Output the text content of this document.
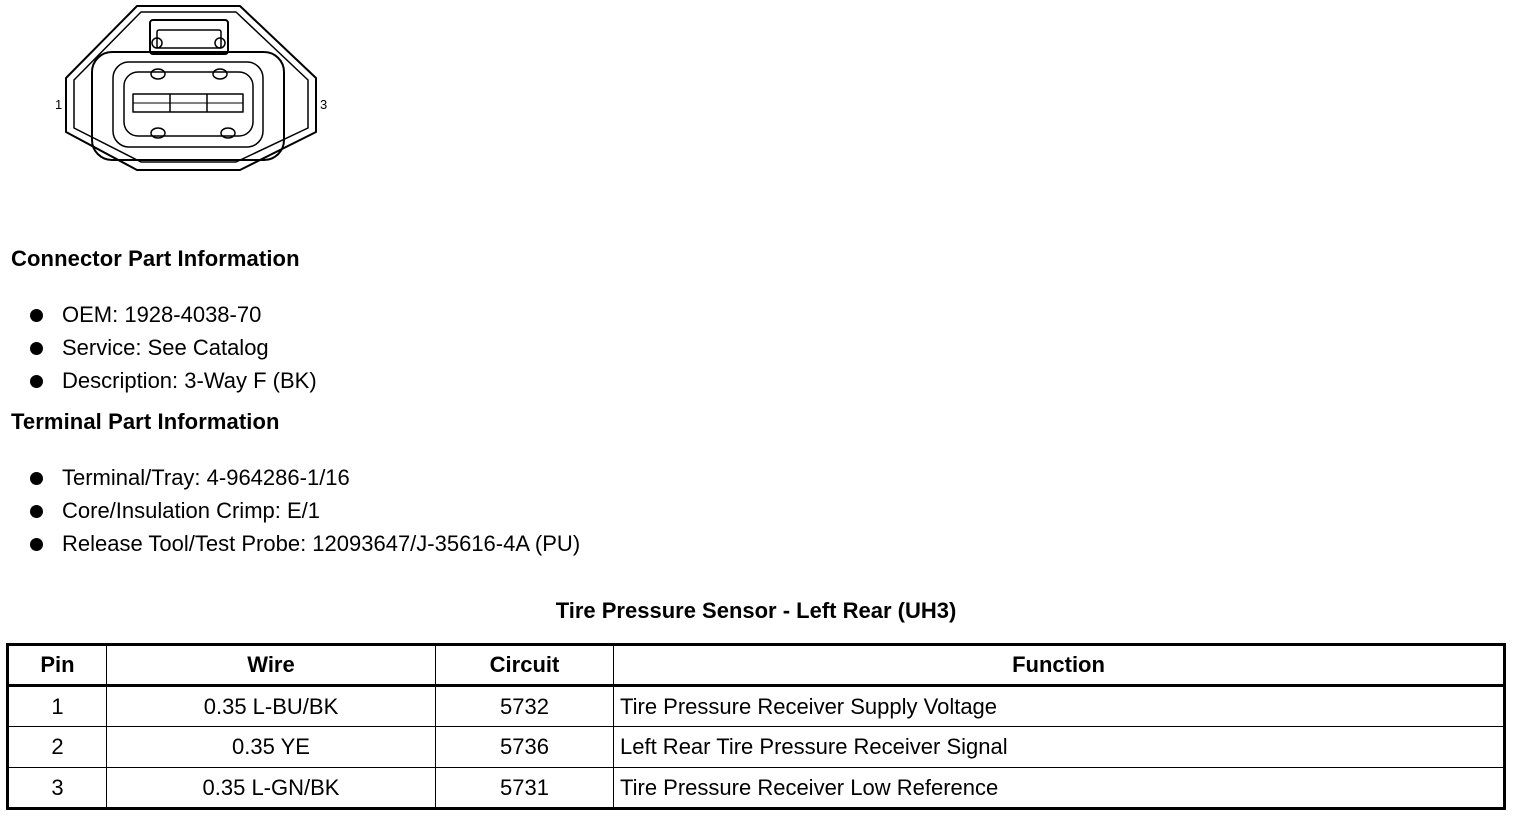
1	3
Connector Part Information
OEM: 1928-4038-70
Service: See Catalog
Description: 3-Way F (BK)
Terminal Part Information
Terminal/Tray: 4-964286-1/16
Core/Insulation Crimp: E/1
Release Tool/Test Probe: 12093647/J-35616-4A (PU)
Tire Pressure Sensor - Left Rear (UH3)
Pin	Wire	Circuit	Function
1	0.35 L-BU/BK	5732	Tire Pressure Receiver Supply Voltage
2	0.35 YE	5736	Left Rear Tire Pressure Receiver Signal
3	0.35 L-GN/BK	5731	Tire Pressure Receiver Low Reference
